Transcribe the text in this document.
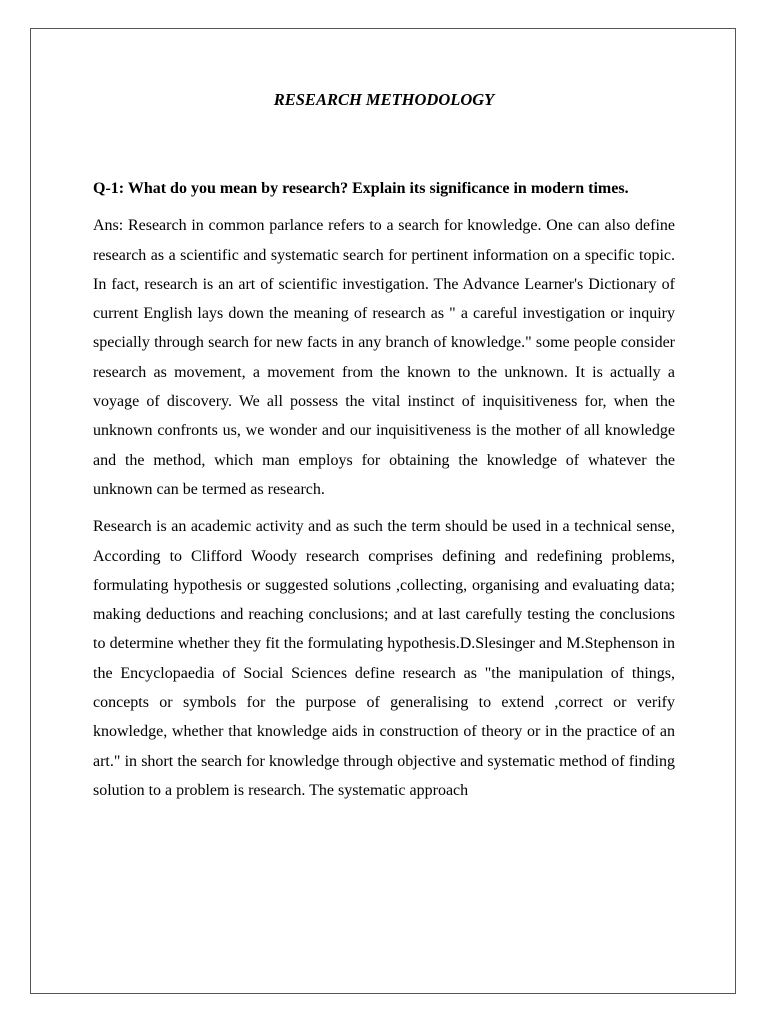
RESEARCH METHODOLOGY

Q-1: What do you mean by research? Explain its significance in modern times.

Ans: Research in common parlance refers to a search for knowledge. One can also define research as a scientific and systematic search for pertinent information on a specific topic. In fact, research is an art of scientific investigation. The Advance Learner's Dictionary of current English lays down the meaning of research as " a careful investigation or inquiry specially through search for new facts in any branch of knowledge." some people consider research as movement, a movement from the known to the unknown. It is actually a voyage of discovery. We all possess the vital instinct of inquisitiveness for, when the unknown confronts us, we wonder and our inquisitiveness is the mother of all knowledge and the method, which man employs for obtaining the knowledge of whatever the unknown can be termed as research.

Research is an academic activity and as such the term should be used in a technical sense, According to Clifford Woody research comprises defining and redefining problems, formulating hypothesis or suggested solutions ,collecting, organising and evaluating data; making deductions and reaching conclusions; and at last carefully testing the conclusions to determine whether they fit the formulating hypothesis.D.Slesinger and M.Stephenson in the Encyclopaedia of Social Sciences define research as "the manipulation of things, concepts or symbols for the purpose of generalising to extend ,correct or verify knowledge, whether that knowledge aids in construction of theory or in the practice of an art." in short the search for knowledge through objective and systematic method of finding solution to a problem is research. The systematic approach
